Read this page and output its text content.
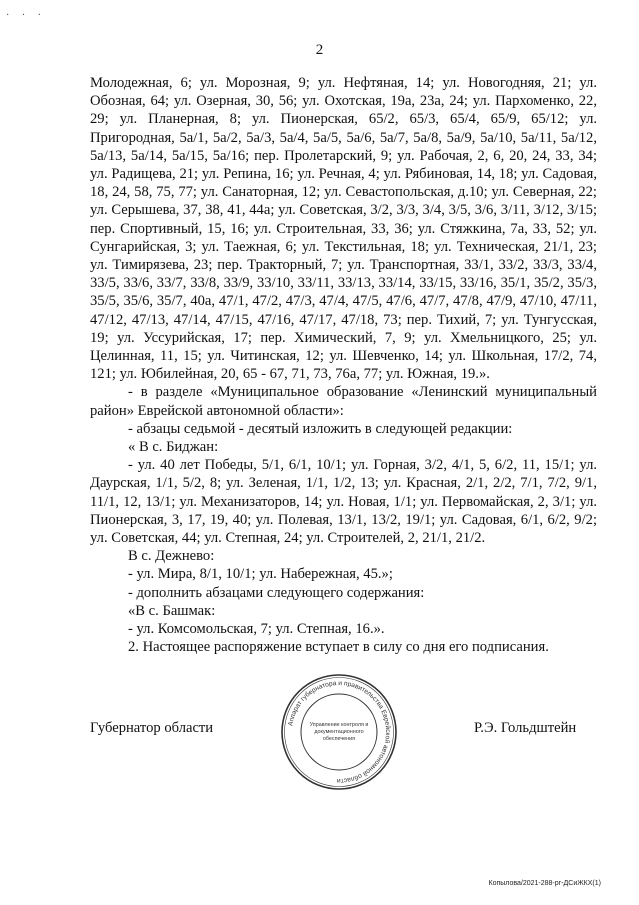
· · ·
2

Молодежная, 6; ул. Морозная, 9; ул. Нефтяная, 14; ул. Новогодняя, 21; ул. Обозная, 64; ул. Озерная, 30, 56; ул. Охотская, 19а, 23а, 24; ул. Пархоменко, 22, 29; ул. Планерная, 8; ул. Пионерская, 65/2, 65/3, 65/4, 65/9, 65/12; ул. Пригородная, 5а/1, 5а/2, 5а/3, 5а/4, 5а/5, 5а/6, 5а/7, 5а/8, 5а/9, 5а/10, 5а/11, 5а/12, 5а/13, 5а/14, 5а/15, 5а/16; пер. Пролетарский, 9; ул. Рабочая, 2, 6, 20, 24, 33, 34; ул. Радищева, 21; ул. Репина, 16; ул. Речная, 4; ул. Рябиновая, 14, 18; ул. Садовая, 18, 24, 58, 75, 77; ул. Санаторная, 12; ул. Севастопольская, д.10; ул. Северная, 22; ул. Серышева, 37, 38, 41, 44а; ул. Советская, 3/2, 3/3, 3/4, 3/5, 3/6, 3/11, 3/12, 3/15; пер. Спортивный, 15, 16; ул. Строительная, 33, 36; ул. Стяжкина, 7а, 33, 52; ул. Сунгарийская, 3; ул. Таежная, 6; ул. Текстильная, 18; ул. Техническая, 21/1, 23; ул. Тимирязева, 23; пер. Тракторный, 7; ул. Транспортная, 33/1, 33/2, 33/3, 33/4, 33/5, 33/6, 33/7, 33/8, 33/9, 33/10, 33/11, 33/13, 33/14, 33/15, 33/16, 35/1, 35/2, 35/3, 35/5, 35/6, 35/7, 40а, 47/1, 47/2, 47/3, 47/4, 47/5, 47/6, 47/7, 47/8, 47/9, 47/10, 47/11, 47/12, 47/13, 47/14, 47/15, 47/16, 47/17, 47/18, 73; пер. Тихий, 7; ул. Тунгусская, 19; ул. Уссурийская, 17; пер. Химический, 7, 9; ул. Хмельницкого, 25; ул. Целинная, 11, 15; ул. Читинская, 12; ул. Шевченко, 14; ул. Школьная, 17/2, 74, 121; ул. Юбилейная, 20, 65 - 67, 71, 73, 76а, 77; ул. Южная, 19.».

- в разделе «Муниципальное образование «Ленинский муниципальный район» Еврейской автономной области»:

- абзацы седьмой - десятый изложить в следующей редакции:

« В с. Биджан:

- ул. 40 лет Победы, 5/1, 6/1, 10/1; ул. Горная, 3/2, 4/1, 5, 6/2, 11, 15/1; ул. Даурская, 1/1, 5/2, 8; ул. Зеленая, 1/1, 1/2, 13; ул. Красная, 2/1, 2/2, 7/1, 7/2, 9/1, 11/1, 12, 13/1; ул. Механизаторов, 14; ул. Новая, 1/1; ул. Первомайская, 2, 3/1; ул. Пионерская, 3, 17, 19, 40; ул. Полевая, 13/1, 13/2, 19/1; ул. Садовая, 6/1, 6/2, 9/2; ул. Советская, 44; ул. Степная, 24; ул. Строителей, 2, 21/1, 21/2.

В с. Дежнево:

- ул. Мира, 8/1, 10/1; ул. Набережная, 45.»;

- дополнить абзацами следующего содержания:

«В с. Башмак:

- ул. Комсомольская, 7; ул. Степная, 16.».

2. Настоящее распоряжение вступает в силу со дня его подписания.

Губернатор области	Р.Э. Гольдштейн
Аппарат губернатора и правительства Еврейской автономной области
Управление контроля и
документационного
обеспечения
Копылова/2021-288-рг-ДСиЖКХ(1)
